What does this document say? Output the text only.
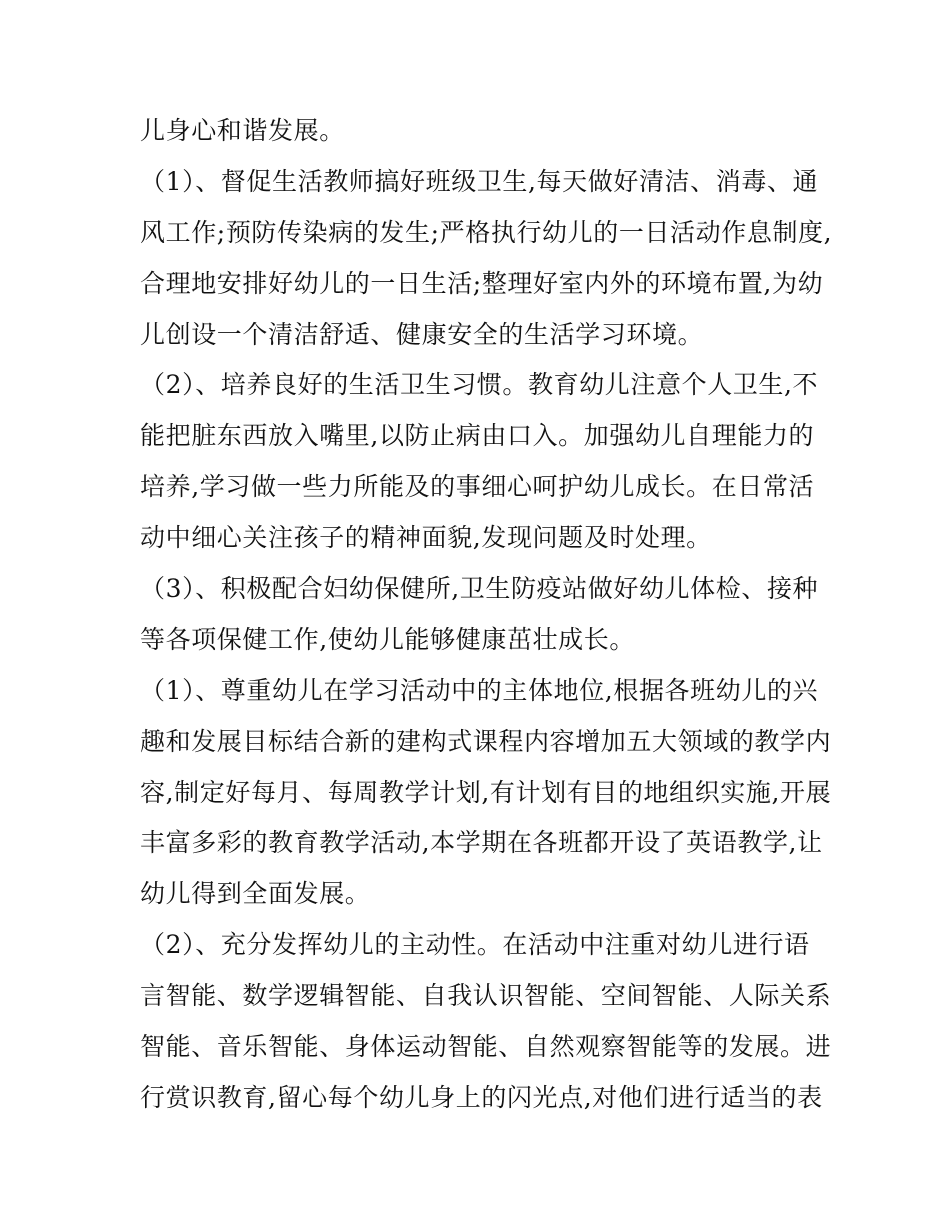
儿身心和谐发展。
（1）、督促生活教师搞好班级卫生,每天做好清洁、消毒、通
风工作;预防传染病的发生;严格执行幼儿的一日活动作息制度,
合理地安排好幼儿的一日生活;整理好室内外的环境布置,为幼
儿创设一个清洁舒适、健康安全的生活学习环境。
（2）、培养良好的生活卫生习惯。教育幼儿注意个人卫生,不
能把脏东西放入嘴里,以防止病由口入。加强幼儿自理能力的
培养,学习做一些力所能及的事细心呵护幼儿成长。在日常活
动中细心关注孩子的精神面貌,发现问题及时处理。
（3）、积极配合妇幼保健所,卫生防疫站做好幼儿体检、接种
等各项保健工作,使幼儿能够健康茁壮成长。
（1）、尊重幼儿在学习活动中的主体地位,根据各班幼儿的兴
趣和发展目标结合新的建构式课程内容增加五大领域的教学内
容,制定好每月、每周教学计划,有计划有目的地组织实施,开展
丰富多彩的教育教学活动,本学期在各班都开设了英语教学,让
幼儿得到全面发展。
（2）、充分发挥幼儿的主动性。在活动中注重对幼儿进行语
言智能、数学逻辑智能、自我认识智能、空间智能、人际关系
智能、音乐智能、身体运动智能、自然观察智能等的发展。进
行赏识教育,留心每个幼儿身上的闪光点,对他们进行适当的表
